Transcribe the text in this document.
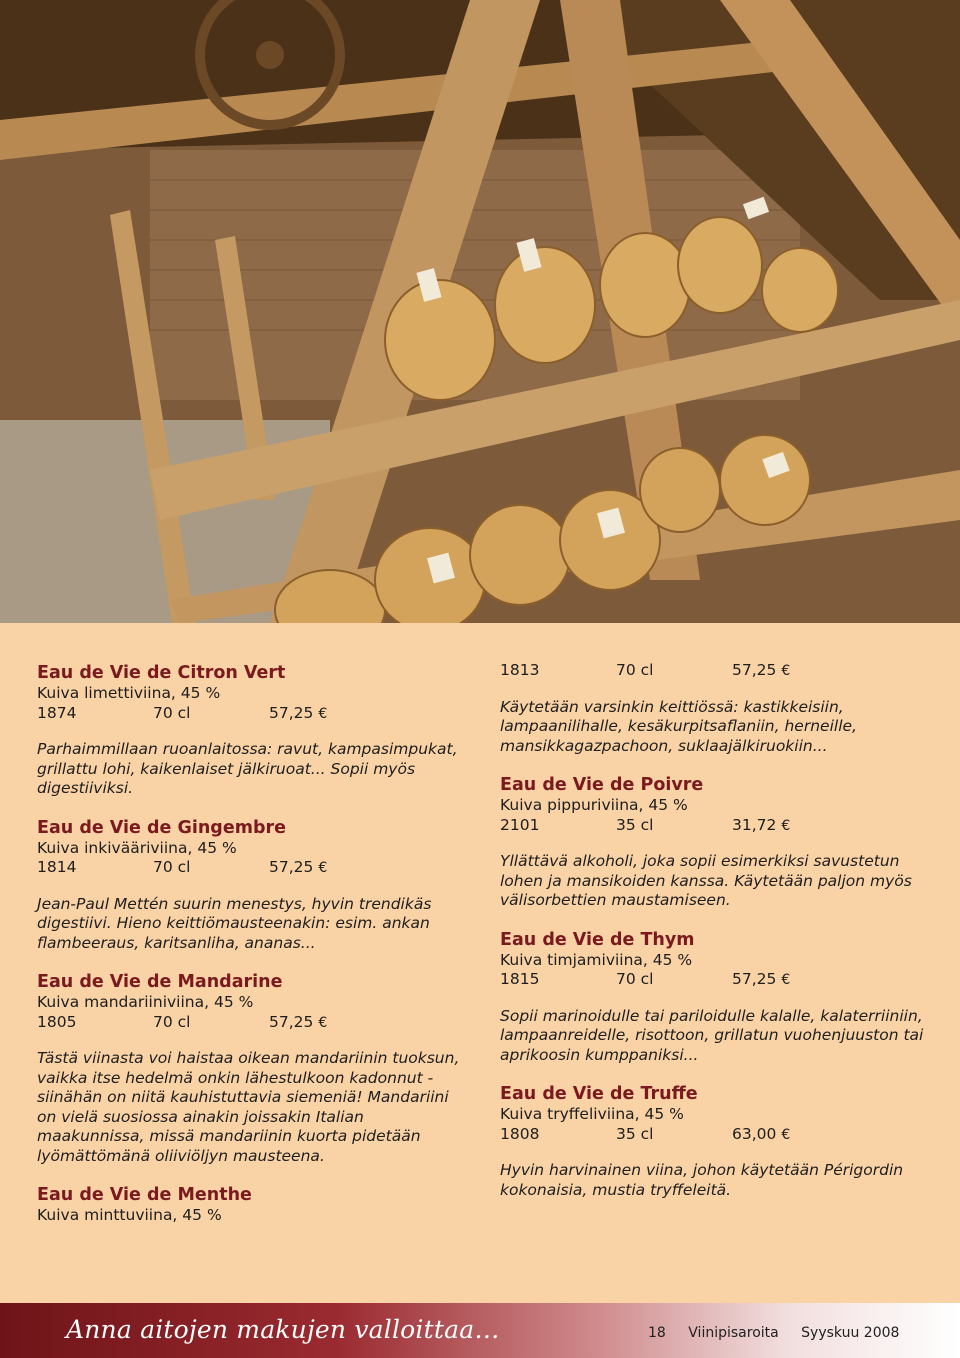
Eau de Vie de Citron Vert
Kuiva limettiviina, 45 %
1874	70 cl	57,25 €
Parhaimmillaan ruoanlaitossa: ravut, kampasimpukat, grillattu lohi, kaikenlaiset jälkiruoat... Sopii myös digestiiviksi.
Eau de Vie de Gingembre
Kuiva inkivääriviina, 45 %
1814	70 cl	57,25 €
Jean-Paul Mettén suurin menestys, hyvin trendikäs digestiivi. Hieno keittiömausteenakin: esim. ankan flambeeraus, karitsanliha, ananas...
Eau de Vie de Mandarine
Kuiva mandariiniviina, 45 %
1805	70 cl	57,25 €
Tästä viinasta voi haistaa oikean mandariinin tuoksun, vaikka itse hedelmä onkin lähestulkoon kadonnut - siinähän on niitä kauhistuttavia siemeniä! Mandariini on vielä suosiossa ainakin joissakin Italian maakunnissa, missä mandariinin kuorta pidetään lyömättömänä oliiviöljyn mausteena.
Eau de Vie de Menthe
Kuiva minttuviina, 45 %
1813	70 cl	57,25 €
Käytetään varsinkin keittiössä: kastikkeisiin, lampaanilihalle, kesäkurpitsaflaniin, herneille, mansikkagazpachoon, suklaajälkiruokiin...
Eau de Vie de Poivre
Kuiva pippuriviina, 45 %
2101	35 cl	31,72 €
Yllättävä alkoholi, joka sopii esimerkiksi savustetun lohen ja mansikoiden kanssa. Käytetään paljon myös välisorbettien maustamiseen.
Eau de Vie de Thym
Kuiva timjamiviina, 45 %
1815	70 cl	57,25 €
Sopii marinoidulle tai pariloidulle kalalle, kalaterriiniin, lampaanreidelle, risottoon, grillatun vuohenjuuston tai aprikoosin kumppaniksi...
Eau de Vie de Truffe
Kuiva tryffeliviina, 45 %
1808	35 cl	63,00 €
Hyvin harvinainen viina, johon käytetään Périgordin kokonaisia, mustia tryffeleitä.
Anna aitojen makujen valloittaa…	18 Viinipisaroita Syyskuu 2008
